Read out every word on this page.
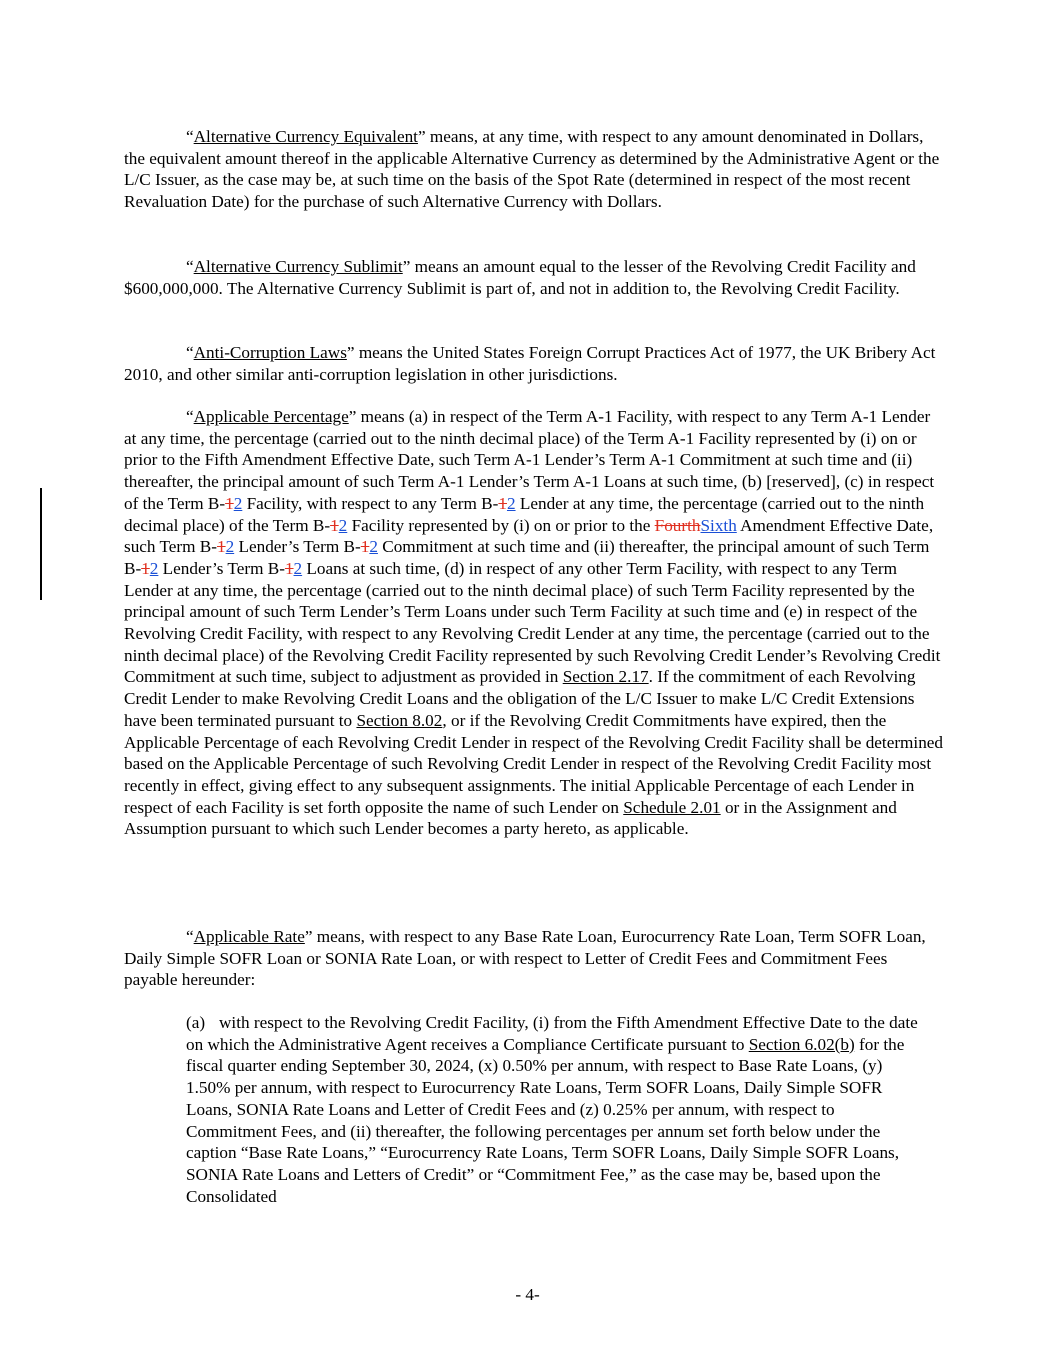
“Alternative Currency Equivalent” means, at any time, with respect to any amount denominated in Dollars, the equivalent amount thereof in the applicable Alternative Currency as determined by the Administrative Agent or the L/C Issuer, as the case may be, at such time on the basis of the Spot Rate (determined in respect of the most recent Revaluation Date) for the purchase of such Alternative Currency with Dollars.

“Alternative Currency Sublimit” means an amount equal to the lesser of the Revolving Credit Facility and $600,000,000. The Alternative Currency Sublimit is part of, and not in addition to, the Revolving Credit Facility.

“Anti-Corruption Laws” means the United States Foreign Corrupt Practices Act of 1977, the UK Bribery Act 2010, and other similar anti-corruption legislation in other jurisdictions.

“Applicable Percentage” means (a) in respect of the Term A-1 Facility, with respect to any Term A-1 Lender at any time, the percentage (carried out to the ninth decimal place) of the Term A-1 Facility represented by (i) on or prior to the Fifth Amendment Effective Date, such Term A-1 Lender’s Term A-1 Commitment at such time and (ii) thereafter, the principal amount of such Term A-1 Lender’s Term A-1 Loans at such time, (b) [reserved], (c) in respect of the Term B-12 Facility, with respect to any Term B-12 Lender at any time, the percentage (carried out to the ninth decimal place) of the Term B-12 Facility represented by (i) on or prior to the FourthSixth Amendment Effective Date, such Term B-12 Lender’s Term B-12 Commitment at such time and (ii) thereafter, the principal amount of such Term B-12 Lender’s Term B-12 Loans at such time, (d) in respect of any other Term Facility, with respect to any Term Lender at any time, the percentage (carried out to the ninth decimal place) of such Term Facility represented by the principal amount of such Term Lender’s Term Loans under such Term Facility at such time and (e) in respect of the Revolving Credit Facility, with respect to any Revolving Credit Lender at any time, the percentage (carried out to the ninth decimal place) of the Revolving Credit Facility represented by such Revolving Credit Lender’s Revolving Credit Commitment at such time, subject to adjustment as provided in Section 2.17. If the commitment of each Revolving Credit Lender to make Revolving Credit Loans and the obligation of the L/C Issuer to make L/C Credit Extensions have been terminated pursuant to Section 8.02, or if the Revolving Credit Commitments have expired, then the Applicable Percentage of each Revolving Credit Lender in respect of the Revolving Credit Facility shall be determined based on the Applicable Percentage of such Revolving Credit Lender in respect of the Revolving Credit Facility most recently in effect, giving effect to any subsequent assignments. The initial Applicable Percentage of each Lender in respect of each Facility is set forth opposite the name of such Lender on Schedule 2.01 or in the Assignment and Assumption pursuant to which such Lender becomes a party hereto, as applicable.

“Applicable Rate” means, with respect to any Base Rate Loan, Eurocurrency Rate Loan, Term SOFR Loan, Daily Simple SOFR Loan or SONIA Rate Loan, or with respect to Letter of Credit Fees and Commitment Fees payable hereunder:

(a) with respect to the Revolving Credit Facility, (i) from the Fifth Amendment Effective Date to the date on which the Administrative Agent receives a Compliance Certificate pursuant to Section 6.02(b) for the fiscal quarter ending September 30, 2024, (x) 0.50% per annum, with respect to Base Rate Loans, (y) 1.50% per annum, with respect to Eurocurrency Rate Loans, Term SOFR Loans, Daily Simple SOFR Loans, SONIA Rate Loans and Letter of Credit Fees and (z) 0.25% per annum, with respect to Commitment Fees, and (ii) thereafter, the following percentages per annum set forth below under the caption “Base Rate Loans,” “Eurocurrency Rate Loans, Term SOFR Loans, Daily Simple SOFR Loans, SONIA Rate Loans and Letters of Credit” or “Commitment Fee,” as the case may be, based upon the Consolidated

- 4-
